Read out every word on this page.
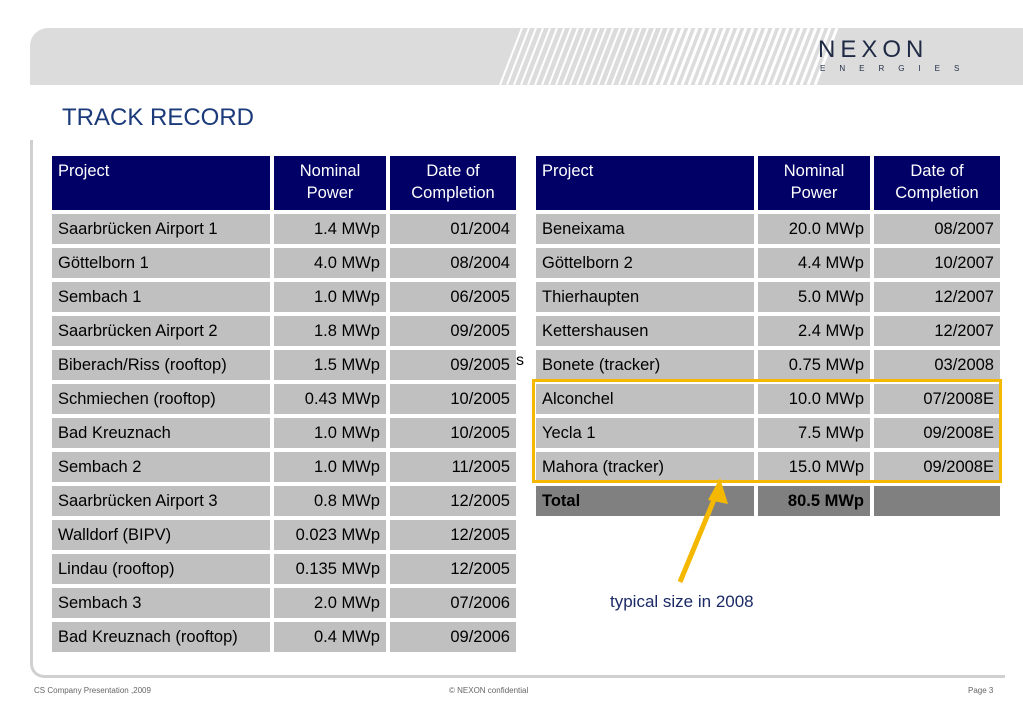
NEXON
ENERGIES
TRACK RECORD
s
Project	Nominal Power	Date of Completion
Saarbrücken Airport 1	1.4 MWp	01/2004
Göttelborn 1	4.0 MWp	08/2004
Sembach 1	1.0 MWp	06/2005
Saarbrücken Airport 2	1.8 MWp	09/2005
Biberach/Riss (rooftop)	1.5 MWp	09/2005
Schmiechen (rooftop)	0.43 MWp	10/2005
Bad Kreuznach	1.0 MWp	10/2005
Sembach 2	1.0 MWp	11/2005
Saarbrücken Airport 3	0.8 MWp	12/2005
Walldorf (BIPV)	0.023 MWp	12/2005
Lindau (rooftop)	0.135 MWp	12/2005
Sembach 3	2.0 MWp	07/2006
Bad Kreuznach (rooftop)	0.4 MWp	09/2006
Project	Nominal Power	Date of Completion
Beneixama	20.0 MWp	08/2007
Göttelborn 2	4.4 MWp	10/2007
Thierhaupten	5.0 MWp	12/2007
Kettershausen	2.4 MWp	12/2007
Bonete (tracker)	0.75 MWp	03/2008
Alconchel	10.0 MWp	07/2008E
Yecla 1	7.5 MWp	09/2008E
Mahora (tracker)	15.0 MWp	09/2008E
Total	80.5 MWp	
typical size in 2008
CS Company Presentation ,2009	© NEXON confidential	Page 3
